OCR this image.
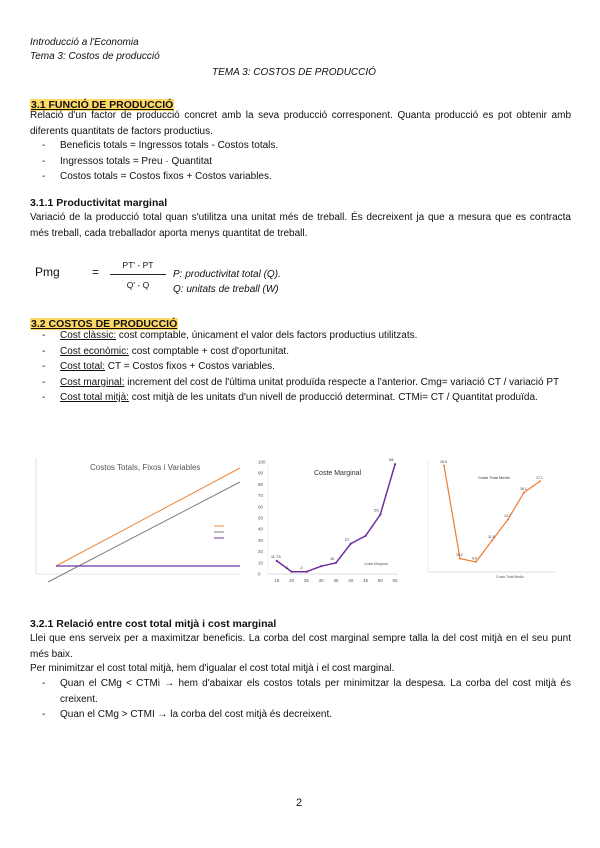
Introducció a l'Economia
Tema 3: Costos de producció
TEMA 3: COSTOS DE PRODUCCIÓ
3.1 FUNCIÓ DE PRODUCCIÓ
Relació d'un factor de producció concret amb la seva producció corresponent. Quanta producció es pot obtenir amb diferents quantitats de factors productius.
- Beneficis totals = Ingressos totals - Costos totals.
- Ingressos totals = Preu · Quantitat
- Costos totals = Costos fixos + Costos variables.
3.1.1 Productivitat marginal
Variació de la producció total quan s'utilitza una unitat més de treball. És decreixent ja que a mesura que es contracta més treball, cada treballador aporta menys quantitat de treball.
Pmg	=	PT' - PT
Q' - Q
P: productivitat total (Q).
Q: unitats de treball (W)
3.2 COSTOS DE PRODUCCIÓ
- Cost clàssic: cost comptable, únicament el valor dels factors productius utilitzats.
- Cost econòmic: cost comptable + cost d'oportunitat.
- Cost total: CT = Costos fixos + Costos variables.
- Cost marginal: increment del cost de l'última unitat produïda respecte a l'anterior. Cmg= variació CT / variació PT
- Cost total mitjà: cost mitjà de les unitats d'un nivell de producció determinat. CTMi= CT / Quantitat produïda.
Costos Totals, Fixos i Variables
Coste Marginal
0
10
20
30
40
50
60
70
80
90
100
15 20 25 30 35 40 45 50 55
11.73
2	2
10
27
53
98
Coste Marginal
Coste Total Medio
18.5
10.2
9.9
11.8
13.7
16.1
17.1
Coste Total Medio
3.2.1 Relació entre cost total mitjà i cost marginal
Llei que ens serveix per a maximitzar beneficis. La corba del cost marginal sempre talla la del cost mitjà en el seu punt més baix.
Per minimitzar el cost total mitjà, hem d'igualar el cost total mitjà i el cost marginal.
- Quan el CMg < CTMi → hem d'abaixar els costos totals per minimitzar la despesa. La corba del cost mitjà és creixent.
- Quan el CMg > CTMI → la corba del cost mitjà és decreixent.
2
